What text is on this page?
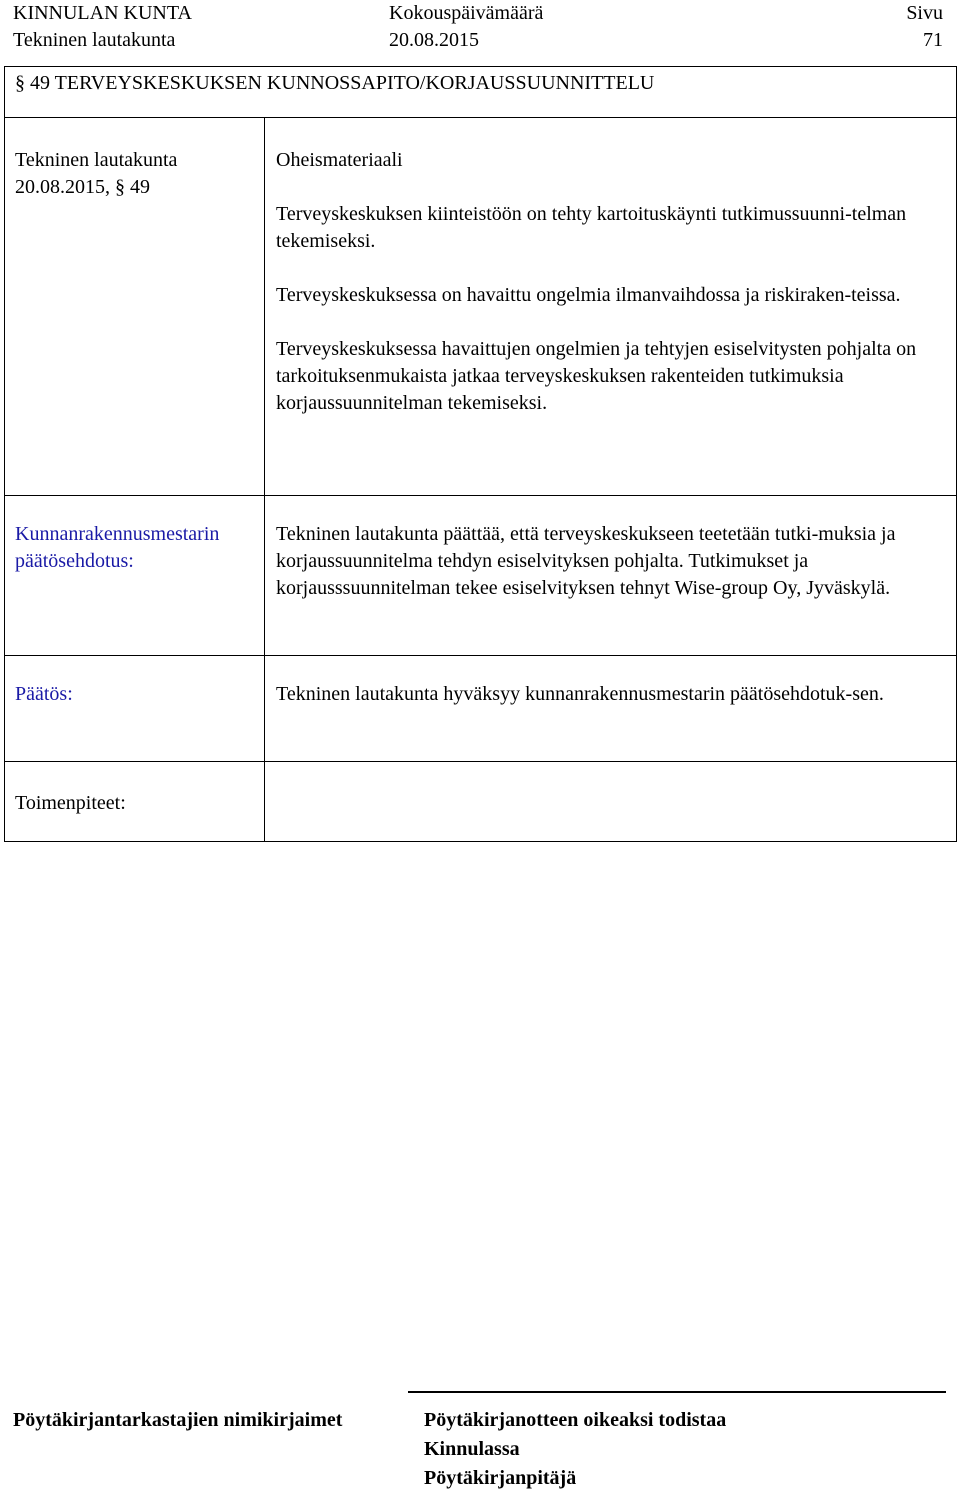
KINNULAN KUNTA
Tekninen lautakunta
Kokouspäivämäärä
20.08.2015
Sivu
71
§ 49 TERVEYSKESKUKSEN KUNNOSSAPITO/KORJAUSSUUNNITTELU
Tekninen lautakunta
20.08.2015, § 49

Oheismateriaali

Terveyskeskuksen kiinteistöön on tehty kartoituskäynti tutkimussuunni-telman tekemiseksi.

Terveyskeskuksessa on havaittu ongelmia ilmanvaihdossa ja riskiraken-teissa.

Terveyskeskuksessa havaittujen ongelmien ja tehtyjen esiselvitysten pohjalta on tarkoituksenmukaista jatkaa terveyskeskuksen rakenteiden tutkimuksia korjaussuunnitelman tekemiseksi.

Kunnanrakennusmestarin
päätösehdotus:
Tekninen lautakunta päättää, että terveyskeskukseen teetetään tutki-muksia ja korjaussuunnitelma tehdyn esiselvityksen pohjalta. Tutkimukset ja korjausssuunnitelman tekee esiselvityksen tehnyt Wise-group Oy, Jyväskylä.
Päätös:	Tekninen lautakunta hyväksyy kunnanrakennusmestarin päätösehdotuk-sen.
Toimenpiteet:
Pöytäkirjantarkastajien nimikirjaimet	Pöytäkirjanotteen oikeaksi todistaa
Kinnulassa
Pöytäkirjanpitäjä
